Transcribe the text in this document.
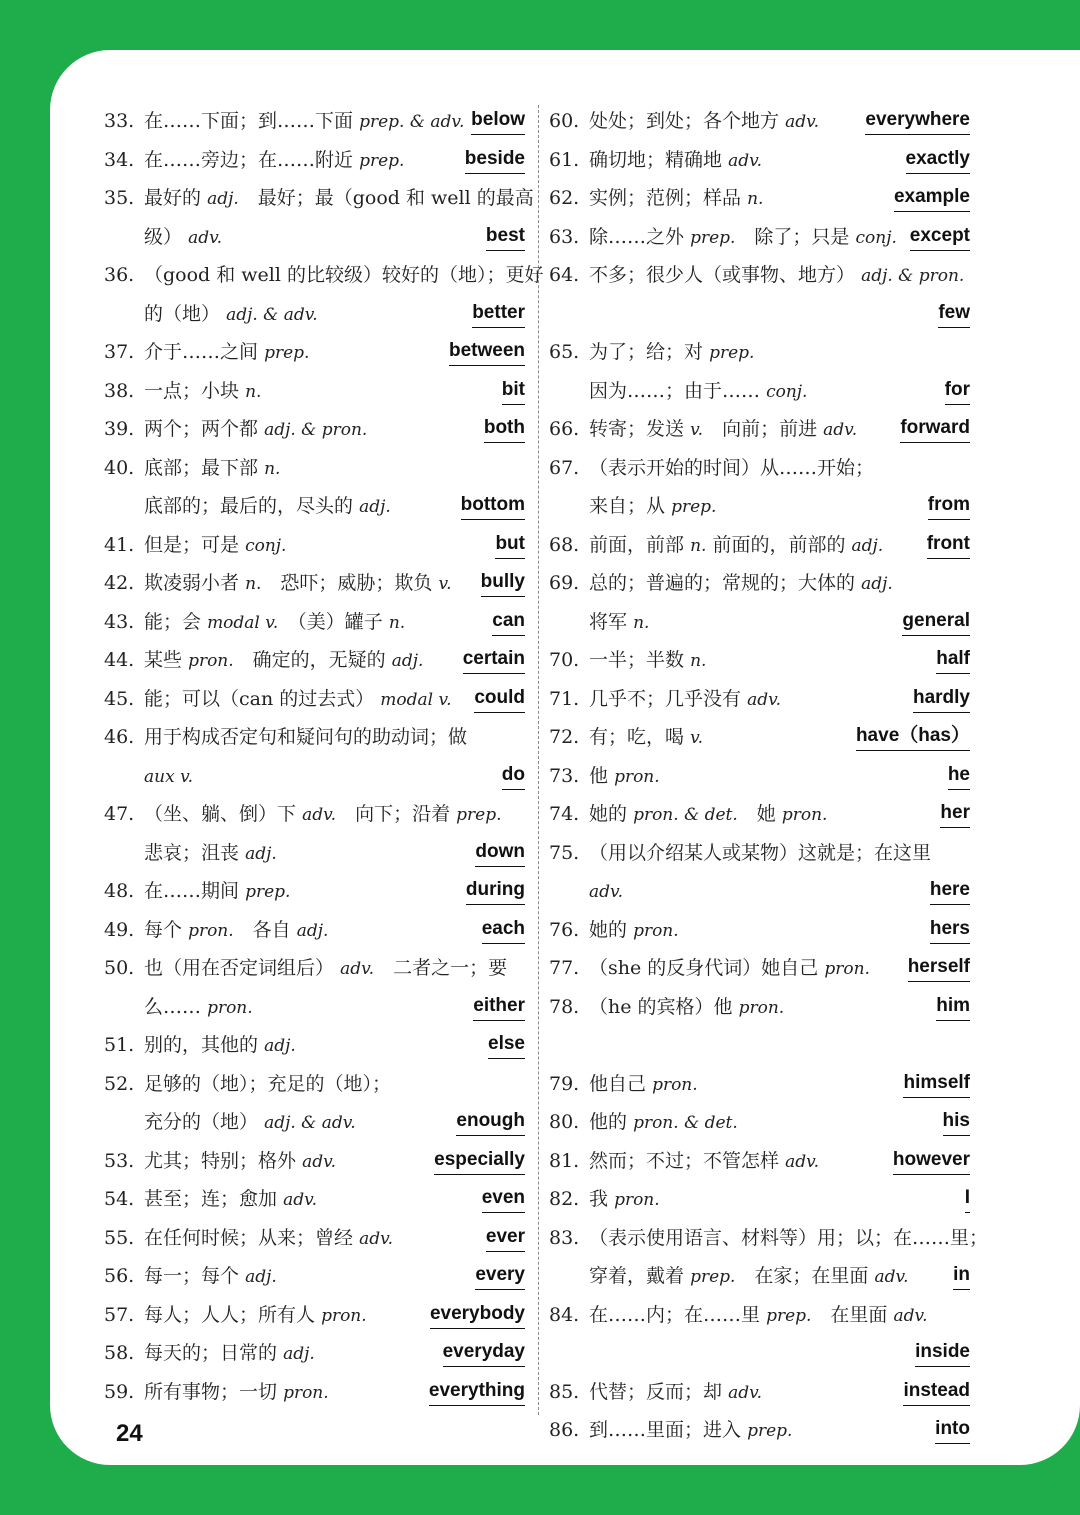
33. 在……下面；到……下面 prep. & adv. below
34. 在……旁边；在……附近 prep.	beside
35. 最好的 adj.　最好；最（good 和 well 的最高
级） adv.	best
36. （good 和 well 的比较级）较好的（地）；更好
的（地） adj. & adv.	better
37. 介于……之间 prep.	between
38. 一点；小块 n.	bit
39. 两个；两个都 adj. & pron.	both
40. 底部；最下部 n.
底部的；最后的，尽头的 adj.	bottom
41. 但是；可是 conj.	but
42. 欺凌弱小者 n.　恐吓；威胁；欺负 v. bully
43. 能；会 modal v.　（美）罐子 n.	can
44. 某些 pron.　确定的，无疑的 adj. certain
45. 能；可以（can 的过去式） modal v. could
46. 用于构成否定句和疑问句的助动词；做
aux v.	do
47. （坐、躺、倒）下 adv.　向下；沿着 prep.
悲哀；沮丧 adj.	down
48. 在……期间 prep.	during
49. 每个 pron.　各自 adj.	each
50. 也（用在否定词组后） adv.　二者之一；要
么…… pron.	either
51. 别的，其他的 adj.	else
52. 足够的（地）；充足的（地）；
充分的（地） adj. & adv.	enough
53. 尤其；特别；格外 adv.	especially
54. 甚至；连；愈加 adv.	even
55. 在任何时候；从来；曾经 adv.	ever
56. 每一；每个 adj.	every
57. 每人；人人；所有人 pron.	everybody
58. 每天的；日常的 adj.	everyday
59. 所有事物；一切 pron.	everything
60. 处处；到处；各个地方 adv. everywhere
61. 确切地；精确地 adv.	exactly
62. 实例；范例；样品 n.	example
63. 除……之外 prep.　除了；只是 conj. except
64. 不多；很少人（或事物、地方） adj. & pron.
few
65. 为了；给；对 prep.
因为……；由于…… conj.	for
66. 转寄；发送 v.　向前；前进 adv. forward
67. （表示开始的时间）从……开始；
来自；从 prep.	from
68. 前面，前部 n. 前面的，前部的 adj. front
69. 总的；普遍的；常规的；大体的 adj.
将军 n.	general
70. 一半；半数 n.	half
71. 几乎不；几乎没有 adv.	hardly
72. 有；吃，喝 v.	have（has）
73. 他 pron.	he
74. 她的 pron. & det.　她 pron.	her
75. （用以介绍某人或某物）这就是；在这里
adv.	here
76. 她的 pron.	hers
77. （she 的反身代词）她自己 pron. herself
78. （he 的宾格）他 pron.	him
79. 他自己 pron.	himself
80. 他的 pron. & det.	his
81. 然而；不过；不管怎样 adv.	however
82. 我 pron.	I
83. （表示使用语言、材料等）用；以；在……里；
穿着，戴着 prep.　在家；在里面 adv. in
84. 在……内；在……里 prep.　在里面 adv.
inside
85. 代替；反而；却 adv.	instead
86. 到……里面；进入 prep.	into
24
